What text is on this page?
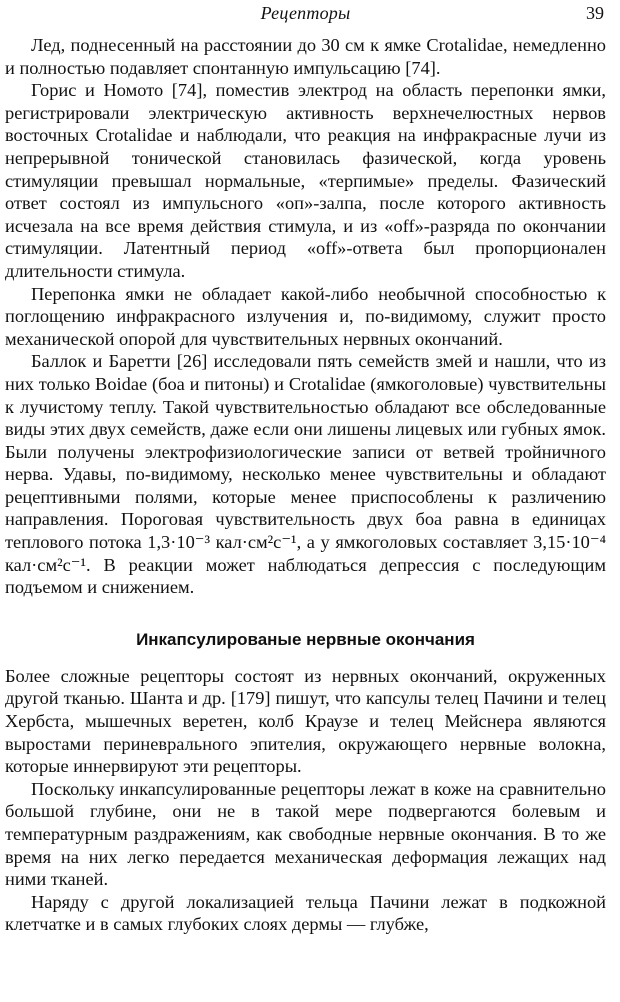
Рецепторы	39

Лед, поднесенный на расстоянии до 30 см к ямке Crotalidae, немедленно и полностью подавляет спонтанную импульсацию [74].

Горис и Номото [74], поместив электрод на область перепонки ямки, регистрировали электрическую активность верхнечелюстных нервов восточных Crotalidae и наблюдали, что реакция на инфракрасные лучи из непрерывной тонической становилась фазической, когда уровень стимуляции превышал нормальные, «терпимые» пределы. Фазический ответ состоял из импульсного «оп»-залпа, после которого активность исчезала на все время действия стимула, и из «off»-разряда по окончании стимуляции. Латентный период «off»-ответа был пропорционален длительности стимула.

Перепонка ямки не обладает какой-либо необычной способностью к поглощению инфракрасного излучения и, по-видимому, служит просто механической опорой для чувствительных нервных окончаний.

Баллок и Баретти [26] исследовали пять семейств змей и нашли, что из них только Boidae (боа и питоны) и Crotalidae (ямкоголовые) чувствительны к лучистому теплу. Такой чувствительностью обладают все обследованные виды этих двух семейств, даже если они лишены лицевых или губных ямок. Были получены электрофизиологические записи от ветвей тройничного нерва. Удавы, по-видимому, несколько менее чувствительны и обладают рецептивными полями, которые менее приспособлены к различению направления. Пороговая чувствительность двух боа равна в единицах теплового потока 1,3·10⁻³ кал·см²с⁻¹, а у ямкоголовых составляет 3,15·10⁻⁴ кал·см²с⁻¹. В реакции может наблюдаться депрессия с последующим подъемом и снижением.

Инкапсулированые нервные окончания

Более сложные рецепторы состоят из нервных окончаний, окруженных другой тканью. Шанта и др. [179] пишут, что капсулы телец Пачини и телец Хербста, мышечных веретен, колб Краузе и телец Мейснера являются выростами периневрального эпителия, окружающего нервные волокна, которые иннервируют эти рецепторы.

Поскольку инкапсулированные рецепторы лежат в коже на сравнительно большой глубине, они не в такой мере подвергаются болевым и температурным раздражениям, как свободные нервные окончания. В то же время на них легко передается механическая деформация лежащих над ними тканей.

Наряду с другой локализацией тельца Пачини лежат в подкожной клетчатке и в самых глубоких слоях дермы — глубже,
